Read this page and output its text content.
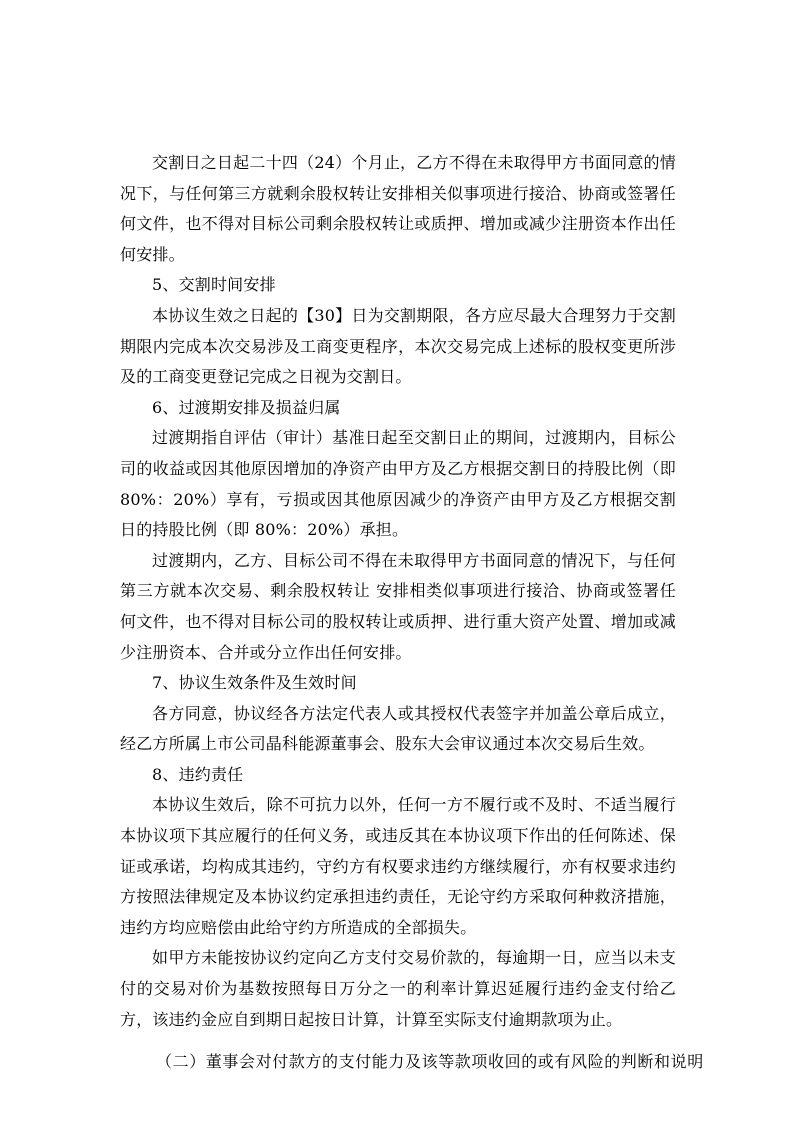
交割日之日起二十四（24）个月止，乙方不得在未取得甲方书面同意的情况下，与任何第三方就剩余股权转让安排相关似事项进行接洽、协商或签署任何文件，也不得对目标公司剩余股权转让或质押、增加或减少注册资本作出任何安排。

5、交割时间安排

本协议生效之日起的【30】日为交割期限，各方应尽最大合理努力于交割期限内完成本次交易涉及工商变更程序，本次交易完成上述标的股权变更所涉及的工商变更登记完成之日视为交割日。

6、过渡期安排及损益归属

过渡期指自评估（审计）基准日起至交割日止的期间，过渡期内，目标公司的收益或因其他原因增加的净资产由甲方及乙方根据交割日的持股比例（即 80%：20%）享有，亏损或因其他原因减少的净资产由甲方及乙方根据交割日的持股比例（即 80%：20%）承担。

过渡期内，乙方、目标公司不得在未取得甲方书面同意的情况下，与任何第三方就本次交易、剩余股权转让 安排相类似事项进行接洽、协商或签署任何文件，也不得对目标公司的股权转让或质押、进行重大资产处置、增加或减少注册资本、合并或分立作出任何安排。

7、协议生效条件及生效时间

各方同意，协议经各方法定代表人或其授权代表签字并加盖公章后成立，经乙方所属上市公司晶科能源董事会、股东大会审议通过本次交易后生效。

8、违约责任

本协议生效后，除不可抗力以外，任何一方不履行或不及时、不适当履行本协议项下其应履行的任何义务，或违反其在本协议项下作出的任何陈述、保证或承诺，均构成其违约，守约方有权要求违约方继续履行，亦有权要求违约方按照法律规定及本协议约定承担违约责任，无论守约方采取何种救济措施，违约方均应赔偿由此给守约方所造成的全部损失。

如甲方未能按协议约定向乙方支付交易价款的，每逾期一日，应当以未支付的交易对价为基数按照每日万分之一的利率计算迟延履行违约金支付给乙方，该违约金应自到期日起按日计算，计算至实际支付逾期款项为止。

（二）董事会对付款方的支付能力及该等款项收回的或有风险的判断和说明
